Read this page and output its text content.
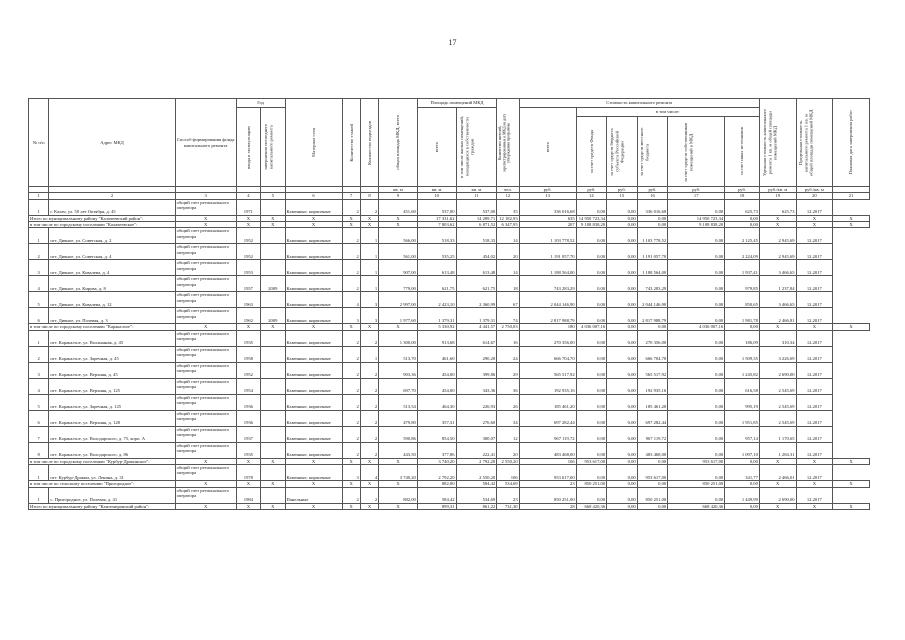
17
№ п/п	Адрес МКД	Способ формирования фонда капитального ремонта	Год		Материал стен	Количество этажей	Количество подъездов	общая площадь МКД, всего	Площадь помещений МКД		Количество жителей, зарегистрированных в МКД на дату утверждения программы	Стоимость капитального ремонта						Удельная стоимость капитального ремонта 1 кв. м общей площади помещений МКД	Предельная стоимость капитального ремонта 1 кв. м общей площади помещений МКД	Плановая дата завершения работ

			ввода в эксплуатацию	завершения последнего капитального ремонта					всего	в том числе жилых помещений, находящихся в собственности граждан		всего	в том числе:							

													за счет средств Фонда	за счет средств бюджета субъекта Российской Федерации	за счет средств местного бюджета	за счет средств собственников помещений в МКД	за счет иных источников			

								кв. м	кв. м	кв. м	чел.	руб.	руб.	руб.	руб.	руб.	руб.	руб./кв. м	руб./кв. м	
1	2	3	4	5	6	7	8	9	10	11	12	13	14	15	16	17	18	19	20	21
1	г. Калач, ул. 50 лет Октября, д. 45	общий счет регионального оператора	1971		Каменные, кирпичные	2	2	451,60	537,00	537,00	35	336 016,68	0,00	0,00	336 016,68	0,00	625,73	625,73	12.2017	
Итого по муниципальному району "Калачеевский район":		X	X	X	X	X	X	X	17 331,62	14 289,71	12 182,93	635	14 950 723,34	0,00	0,00	14 950 723,34	0,00	X	X	X
в том числе по городскому поселению "Калачеевское":		X	X	X	X	X	X	X	7 803,62	6 871,52	6 347,95	207	9 108 838,20	0,00	0,00	9 108 838,20	0,00	X	X	X
1	пгт. Дивное, ул. Советская, д. 2	общий счет регионального оператора	1952		Каменные, кирпичные	2	1	566,00	518,33	518,33	14	1 103 778,52	0,00	0,00	1 103 778,52	0,00	2 125,45	2 945,69	12.2017	
2	пгт. Дивное, ул. Советская, д. 4	общий счет регионального оператора	1952		Каменные, кирпичные	2	1	561,00	535,25	454,02	20	1 191 057,70	0,00	0,00	1 191 057,70	0,00	2 224,09	2 945,69	12.2017	
3	пгт. Дивное, ул. Ковалева, д. 4	общий счет регионального оператора	1953		Каменные, кирпичные	2	1	907,00	613,48	613,48	14	1 188 564,00	0,00	0,00	1 188 564,00	0,00	1 937,41	3 466,65	12.2017	
4	пгт. Дивное, ул. Кирова, д. 8	общий счет регионального оператора	1957	2009	Каменные, кирпичные	2	1	779,00	621,75	621,75	18	743 283,29	0,00	0,00	743 283,29	0,00	979,85	1 237,84	12.2017	
5	пгт. Дивное, ул. Ковалева, д. 12	общий счет регионального оператора	1963		Каменные, кирпичные	4	3	2 997,00	2 423,10	2 360,99	67	2 044 146,90	0,00	0,00	2 044 146,90	0,00	850,65	3 466,65	12.2017	
6	пгт. Дивное, ул. Полевая, д. 3	общий счет регионального оператора	1962	2009	Каменные, кирпичные	3	3	1 977,60	1 379,31	1 379,31	74	2 817 988,79	0,00	0,00	2 817 988,79	0,00	1 981,78	2 466,81	12.2017	
в том числе по городскому поселению "Каракалзое":		X	X	X	X	X	X	X	5 330,92	4 441,57	2 750,03	180	4 036 007,16	0,00	0,00	4 036 007,16	0,00	X	X	X
1	пгт. Каракалзое, ул. Волжанная, д. 45	общий счет регионального оператора	1935		Каменные, кирпичные	2	2	1 300,00	913,68	614,67	16	270 356,00	0,00	0,00	270 356,00	0,00	186,09	310,34	12.2017	
2	пгт. Каракалзое, ул. Заречная, д. 45	общий счет регионального оператора	1958		Каменные, кирпичные	2	1	513,70	461,60	290,20	24	666 704,70	0,00	0,00	666 704,70	0,00	1 509,35	3 226,69	12.2017	
3	пгт. Каракалзое, ул. Верхняя, д. 45	общий счет регионального оператора	1952		Каменные, кирпичные	2	2	903,36	454,00	399,86	29	565 517,92	0,00	0,00	565 517,92	0,00	1 245,82	2 690,00	12.2017	
4	пгт. Каракалзое, ул. Верхняя, д. 125	общий счет регионального оператора	1954		Каменные, кирпичные	2	2	697,70	454,00	343,36	36	192 935,16	0,00	0,00	192 935,16	0,00	616,58	2 545,69	12.2017	
5	пгт. Каракалзое, ул. Заречная, д. 125	общий счет регионального оператора	1936		Каменные, кирпичные	2	2	513,54	464,30	226,93	26	185 461,20	0,00	0,00	185 461,20	0,00	995,19	2 545,69	12.2017	
6	пгт. Каракалзое, ул. Верхняя, д. 128	общий счет регионального оператора	1936		Каменные, кирпичные	2	2	479,80	357,31	276,60	34	697 282,44	0,00	0,00	697 282,44	0,00	1 951,85	2 545,69	12.2017	
7	пгт. Каракалзое, ул. Володарского, д. 75, корп. А	общий счет регионального оператора	1937		Каменные, кирпичные	2	2	590,86	854,50	380,07	12	967 119,72	0,00	0,00	967 119,72	0,00	957,14	1 170,65	12.2017	
8	пгт. Каракалзое, ул. Володарского, д. 86	общий счет регионального оператора	1935		Каменные, кирпичные	2	2	443,50	377,86	222,41	20	483 468,00	0,00	0,00	483 468,00	0,00	1 097,10	1 284,31	12.2017	
в том числе по городскому поселению "Курбур-Дракинское":		X	X	X	X	X	X	X	3 740,20	2 792,20	2 550,20	106	953 617,00	0,00	0,00	953 617,00	0,00	X	X	X
1	пгт. Курбур-Дракин, ул. Ленина, д. 31	общий счет регионального оператора	1978		Каменные, кирпичные	3	4	3 740,20	2 792,20	2 550,20	106	953 617,00	0,00	0,00	953 617,00	0,00	341,77	2 466,01	12.2017	
в том числе по сельскому поселению "Пригородное":		X	X	X	X	X	X	X	882,00	584,42	534,69	23	850 251,00	0,00	0,00	850 251,00	0,00	X	X	X
1	с. Пригородное, ул. Полевая, д. 41	общий счет регионального оператора	1984		Панельные	2	2	882,00	584,42	534,69	23	850 251,00	0,00	0,00	850 251,00	0,00	1 449,99	2 690,00	12.2017	
Итого по муниципальному району "Кантемировский район":		X	X	X	X	X	X	X	899,31	861,22	731,30	28	668 420,36	0,00	0,00	668 420,36	0,00	X	X	X
